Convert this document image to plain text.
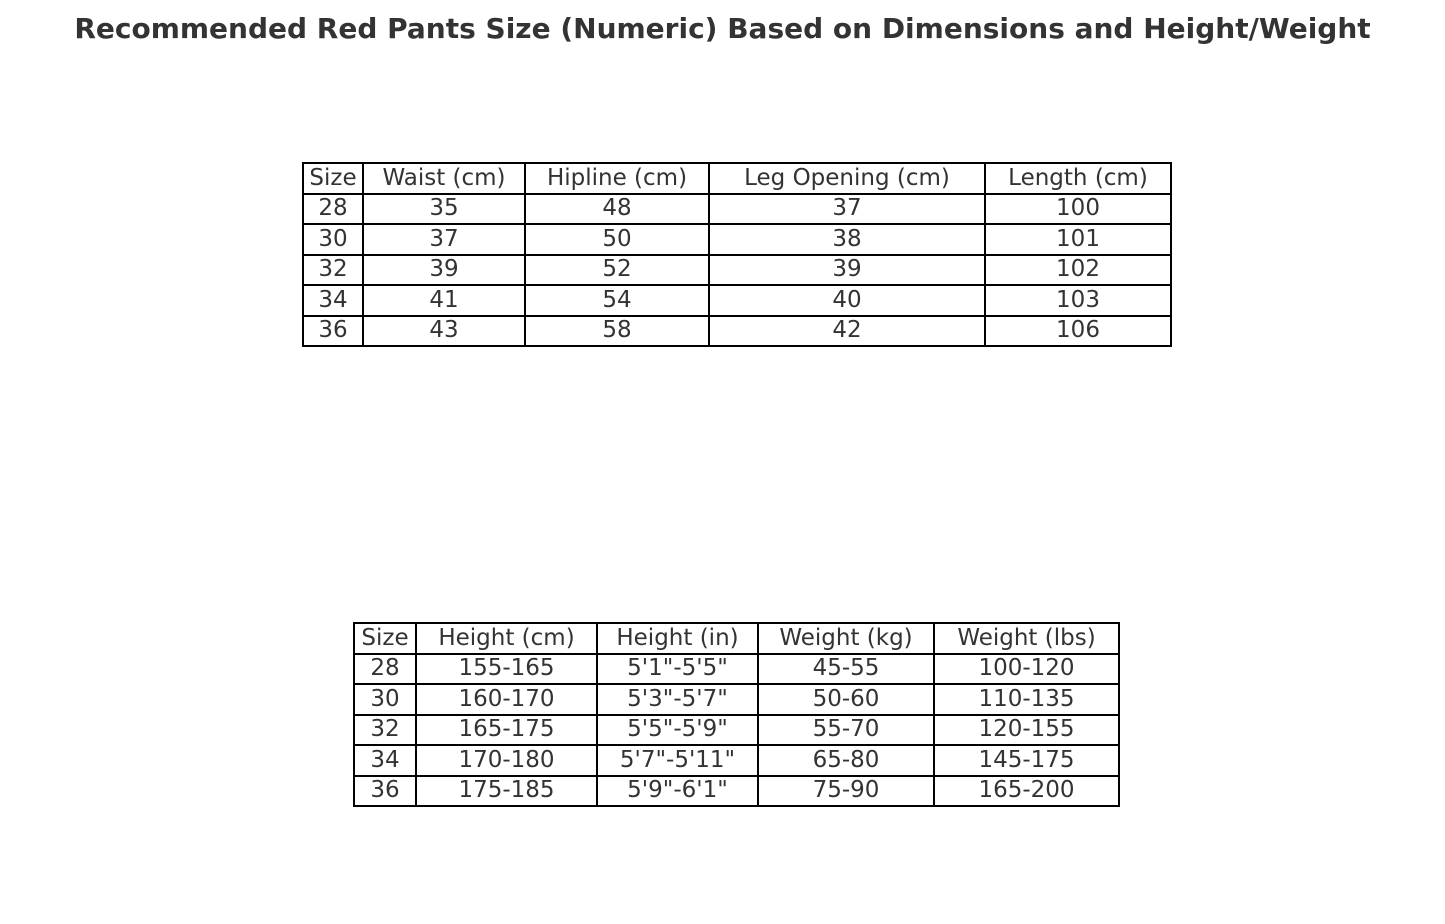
Recommended Red Pants Size (Numeric) Based on Dimensions and Height/Weight
Size	Waist (cm)	Hipline (cm)	Leg Opening (cm)	Length (cm)
28	35	48	37	100
30	37	50	38	101
32	39	52	39	102
34	41	54	40	103
36	43	58	42	106
Size	Height (cm)	Height (in)	Weight (kg)	Weight (lbs)
28	155-165	5'1"-5'5"	45-55	100-120
30	160-170	5'3"-5'7"	50-60	110-135
32	165-175	5'5"-5'9"	55-70	120-155
34	170-180	5'7"-5'11"	65-80	145-175
36	175-185	5'9"-6'1"	75-90	165-200
